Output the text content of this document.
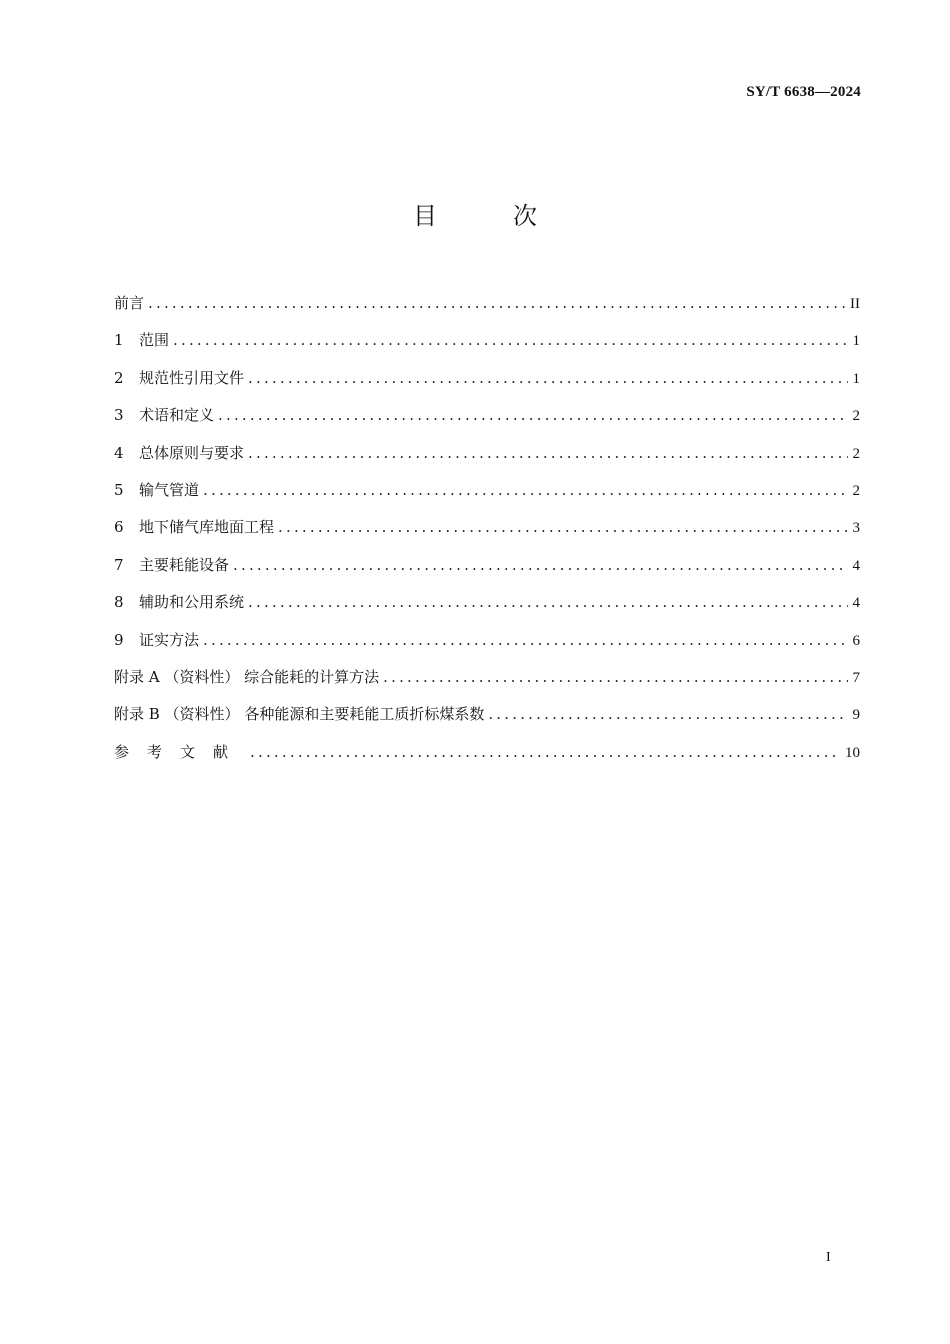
SY/T 6638—2024
目次
前言 .....	II
1	范围 .....	1
2	规范性引用文件 .....	1
3	术语和定义 .....	2
4	总体原则与要求 .....	2
5	输气管道 .....	2
6	地下储气库地面工程 .....	3
7	主要耗能设备 .....	4
8	辅助和公用系统 .....	4
9	证实方法 .....	6
附录 A （资料性） 综合能耗的计算方法 .....	7
附录 B （资料性） 各种能源和主要耗能工质折标煤系数 .....	9
参考文献 .....	10
I
